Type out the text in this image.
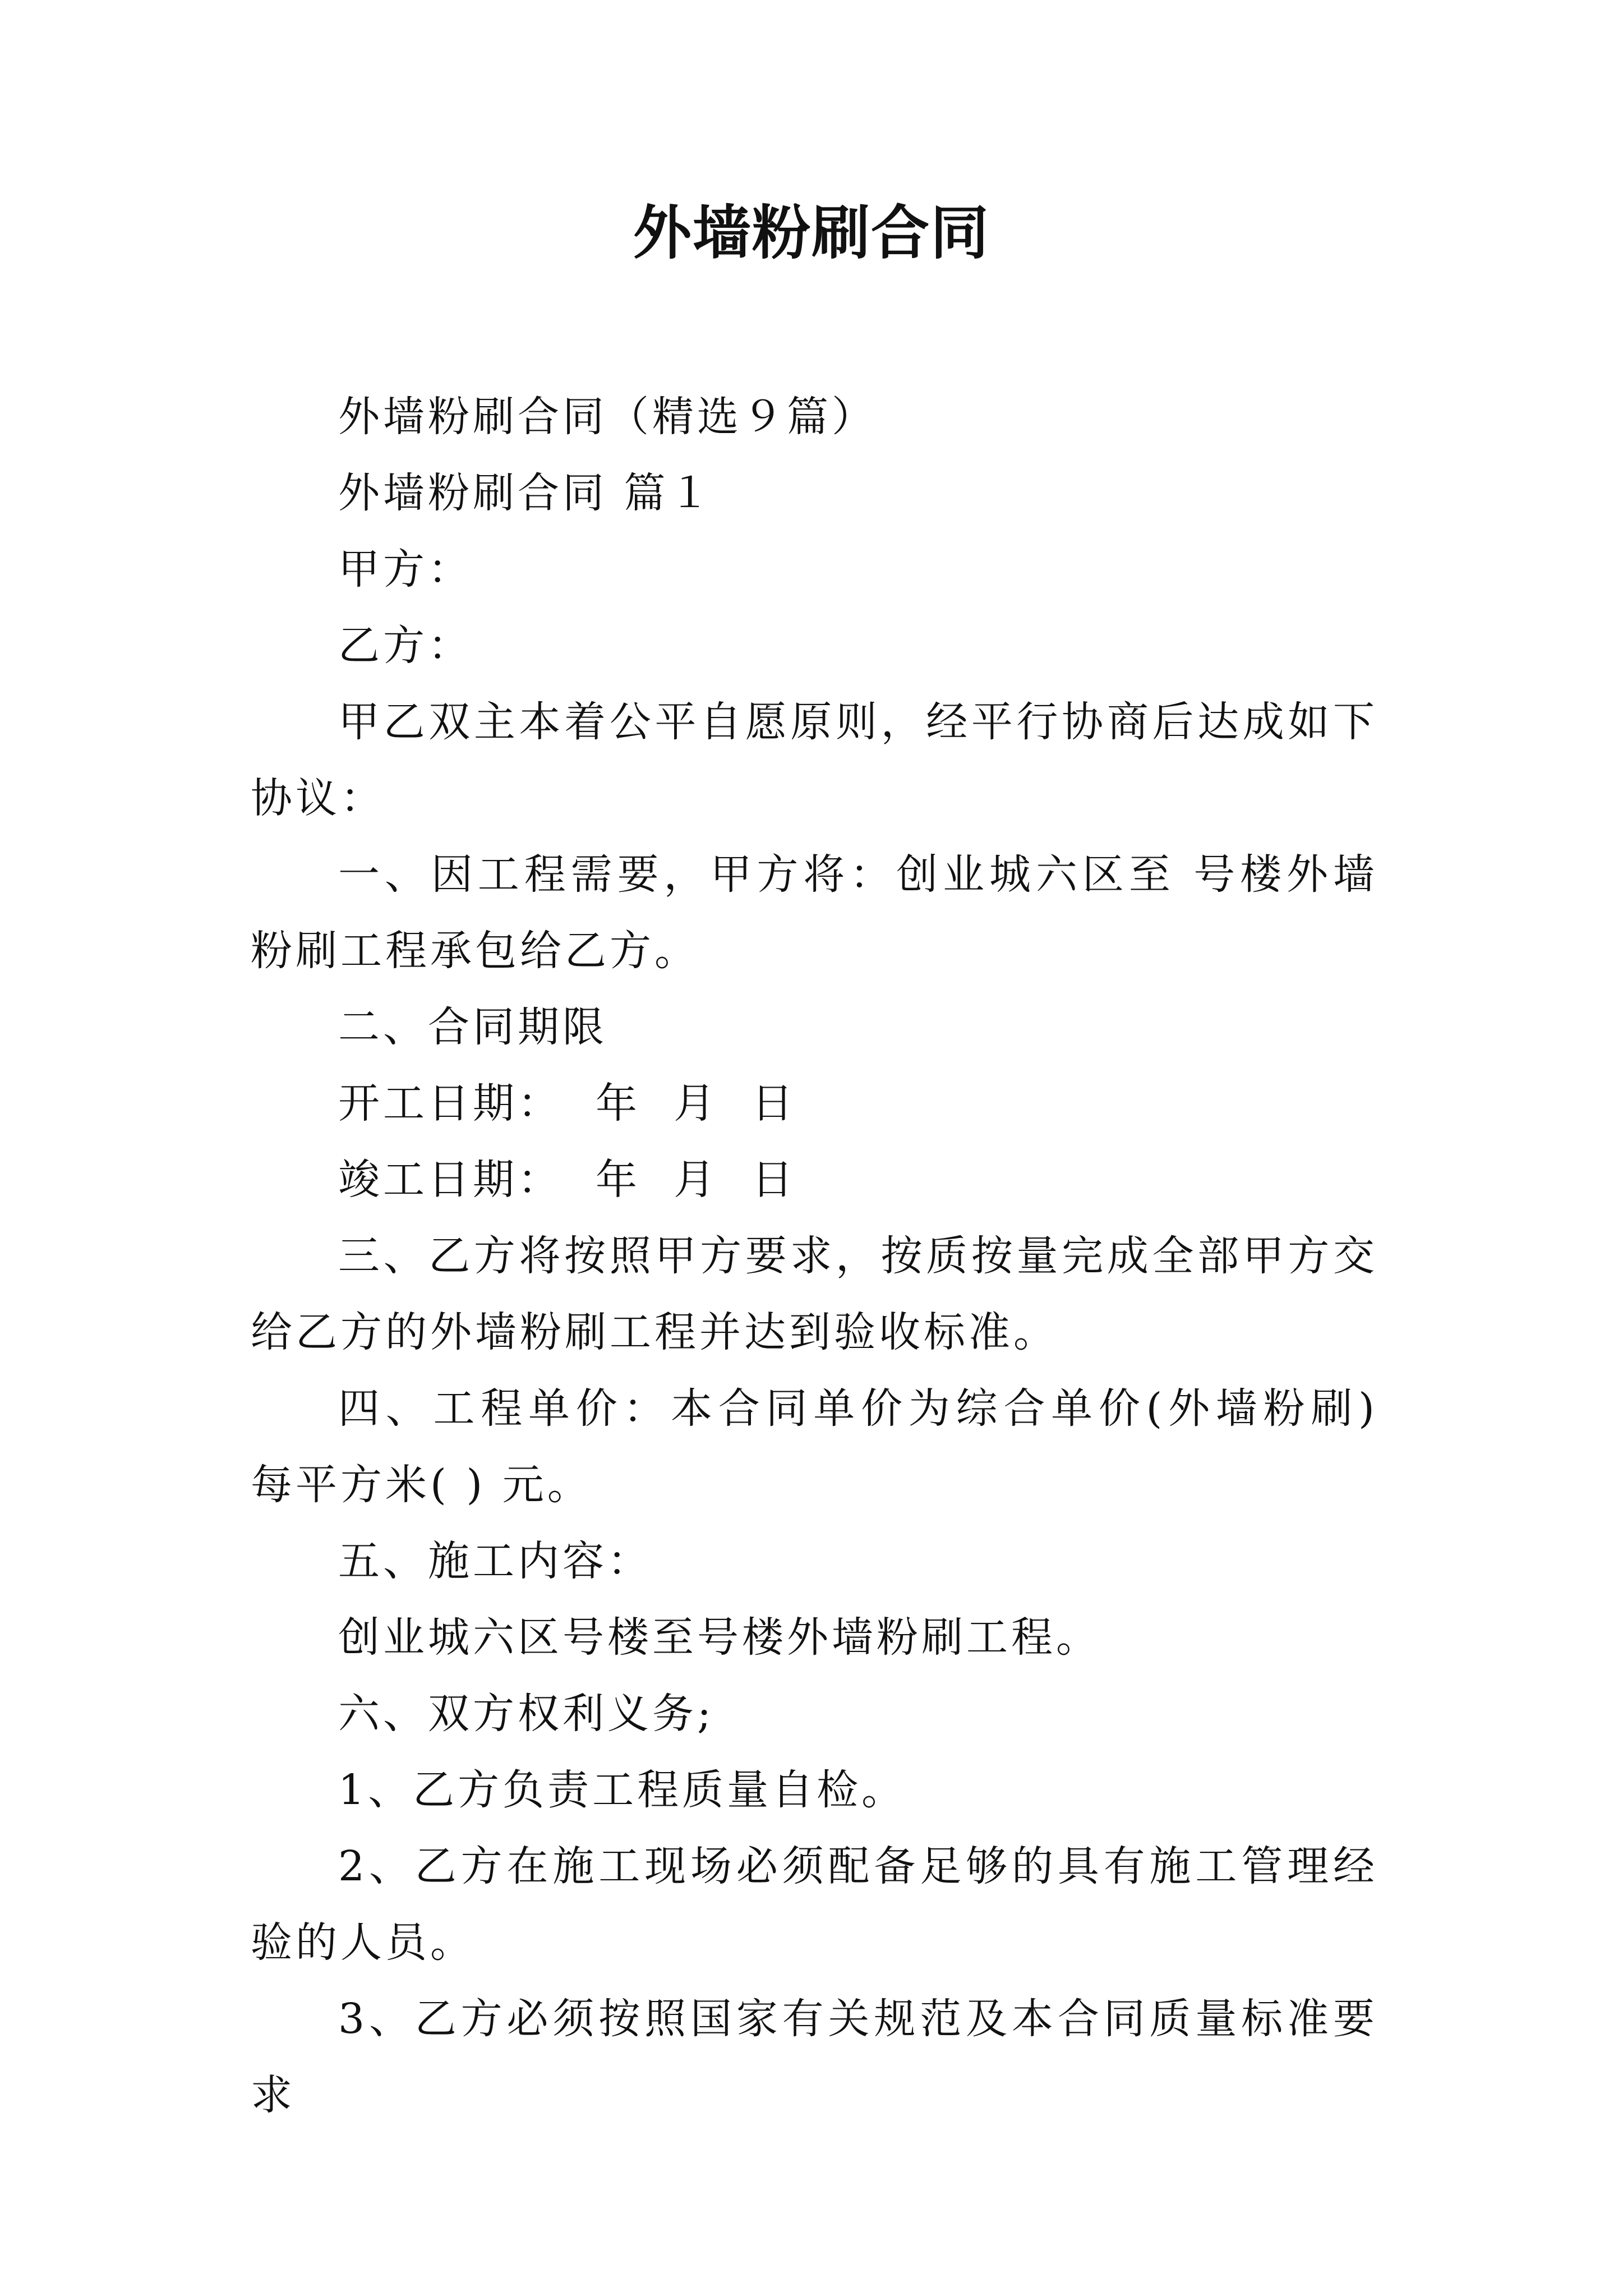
外墙粉刷合同

外墙粉刷合同（精选９篇）

外墙粉刷合同 篇１

甲方：

乙方：

甲乙双主本着公平自愿原则，经平行协商后达成如下协议：

一、因工程需要，甲方将：创业城六区至 号楼外墙粉刷工程承包给乙方。

二、合同期限

开工日期：  年  月  日

竣工日期：  年  月  日

三、乙方将按照甲方要求，按质按量完成全部甲方交给乙方的外墙粉刷工程并达到验收标准。

四、工程单价：本合同单价为综合单价(外墙粉刷) 每平方米( ) 元。

五、施工内容：

创业城六区号楼至号楼外墙粉刷工程。

六、双方权利义务;

1、乙方负责工程质量自检。

2、乙方在施工现场必须配备足够的具有施工管理经验的人员。

3、乙方必须按照国家有关规范及本合同质量标准要求
